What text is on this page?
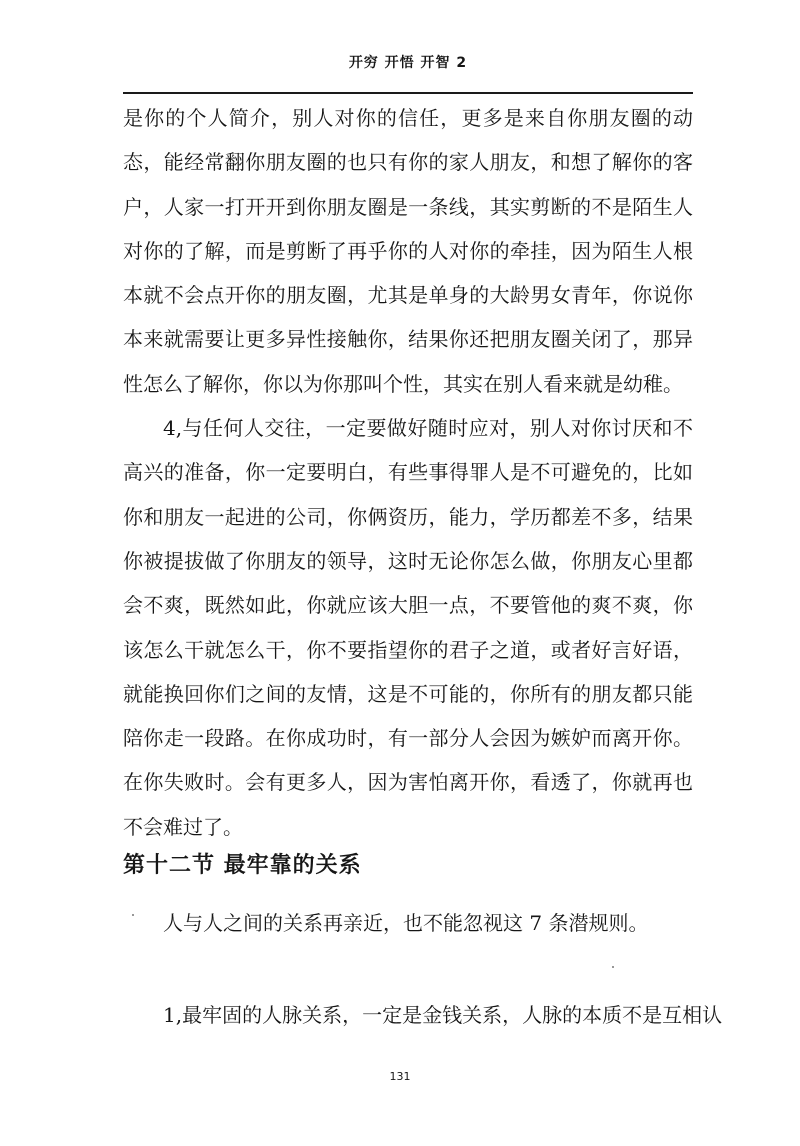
开穷 开悟 开智 2

是你的个人简介，别人对你的信任，更多是来自你朋友圈的动态，能经常翻你朋友圈的也只有你的家人朋友，和想了解你的客户，人家一打开开到你朋友圈是一条线，其实剪断的不是陌生人对你的了解，而是剪断了再乎你的人对你的牵挂，因为陌生人根本就不会点开你的朋友圈，尤其是单身的大龄男女青年，你说你本来就需要让更多异性接触你，结果你还把朋友圈关闭了，那异性怎么了解你，你以为你那叫个性，其实在别人看来就是幼稚。

4,与任何人交往，一定要做好随时应对，别人对你讨厌和不高兴的准备，你一定要明白，有些事得罪人是不可避免的，比如你和朋友一起进的公司，你俩资历，能力，学历都差不多，结果你被提拔做了你朋友的领导，这时无论你怎么做，你朋友心里都会不爽，既然如此，你就应该大胆一点，不要管他的爽不爽，你该怎么干就怎么干，你不要指望你的君子之道，或者好言好语，就能换回你们之间的友情，这是不可能的，你所有的朋友都只能陪你走一段路。在你成功时，有一部分人会因为嫉妒而离开你。在你失败时。会有更多人，因为害怕离开你，看透了，你就再也不会难过了。

第十二节 最牢靠的关系
人与人之间的关系再亲近，也不能忽视这 7 条潜规则。
1,最牢固的人脉关系，一定是金钱关系，人脉的本质不是互相认
131
